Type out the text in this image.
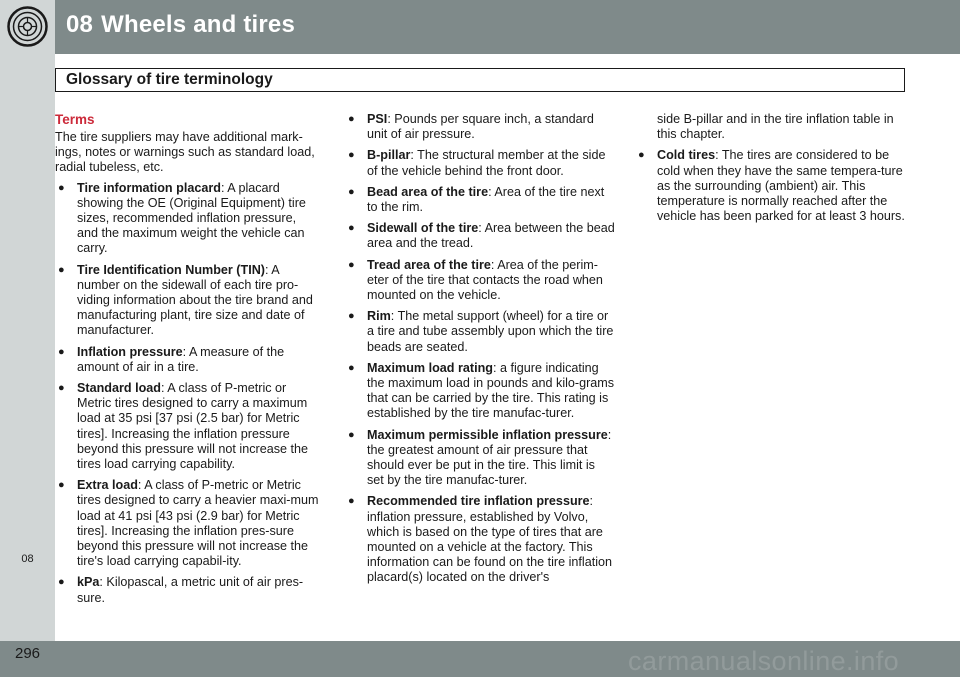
08 Wheels and tires
Glossary of tire terminology
08
296	carmanualsonline.info
Terms
The tire suppliers may have additional mark-ings, notes or warnings such as standard load, radial tubeless, etc.
● Tire information placard: A placard showing the OE (Original Equipment) tire sizes, recommended inflation pressure, and the maximum weight the vehicle can carry.
● Tire Identification Number (TIN): A number on the sidewall of each tire pro-viding information about the tire brand and manufacturing plant, tire size and date of manufacturer.
● Inflation pressure: A measure of the amount of air in a tire.
● Standard load: A class of P-metric or Metric tires designed to carry a maximum load at 35 psi [37 psi (2.5 bar) for Metric tires]. Increasing the inflation pressure beyond this pressure will not increase the tires load carrying capability.
● Extra load: A class of P-metric or Metric tires designed to carry a heavier maxi-mum load at 41 psi [43 psi (2.9 bar) for Metric tires]. Increasing the inflation pres-sure beyond this pressure will not increase the tire's load carrying capabil-ity.
● kPa: Kilopascal, a metric unit of air pres-sure.
● PSI: Pounds per square inch, a standard unit of air pressure.
● B-pillar: The structural member at the side of the vehicle behind the front door.
● Bead area of the tire: Area of the tire next to the rim.
● Sidewall of the tire: Area between the bead area and the tread.
● Tread area of the tire: Area of the perim-eter of the tire that contacts the road when mounted on the vehicle.
● Rim: The metal support (wheel) for a tire or a tire and tube assembly upon which the tire beads are seated.
● Maximum load rating: a figure indicating the maximum load in pounds and kilo-grams that can be carried by the tire. This rating is established by the tire manufac-turer.
● Maximum permissible inflation pressure: the greatest amount of air pressure that should ever be put in the tire. This limit is set by the tire manufac-turer.
● Recommended tire inflation pressure: inflation pressure, established by Volvo, which is based on the type of tires that are mounted on a vehicle at the factory. This information can be found on the tire inflation placard(s) located on the driver's
side B-pillar and in the tire inflation table in this chapter.
● Cold tires: The tires are considered to be cold when they have the same tempera-ture as the surrounding (ambient) air. This temperature is normally reached after the vehicle has been parked for at least 3 hours.
